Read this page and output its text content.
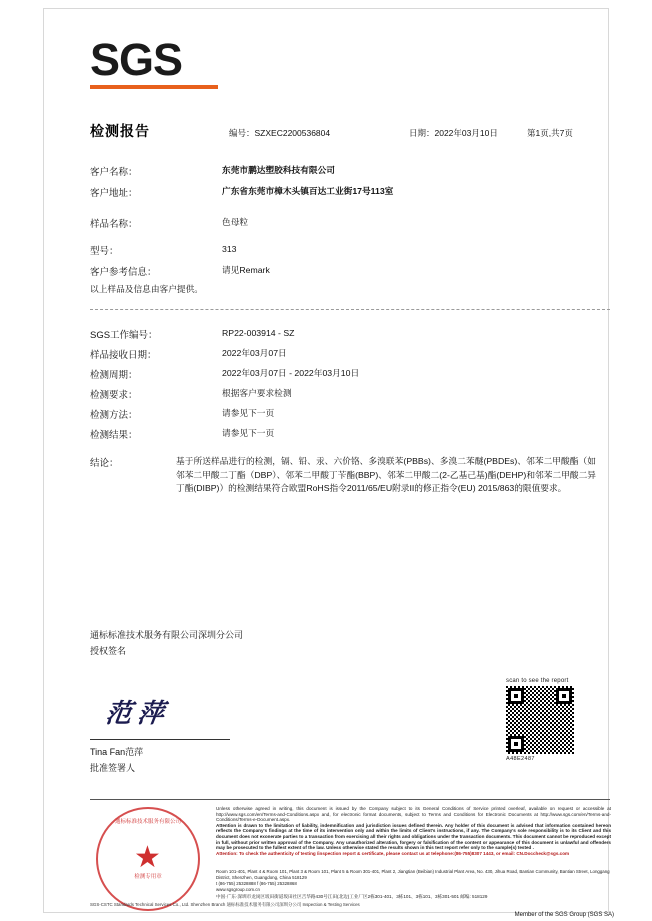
SGS
检测报告	编号：SZXEC2200536804	日期：2022年03月10日	第1页,共7页
客户名称：	东莞市鹏达塑胶科技有限公司
客户地址：	广东省东莞市樟木头镇百达工业街17号113室
样品名称：	色母粒
型号：	313
客户参考信息：	请见Remark
以上样品及信息由客户提供。
SGS工作编号：	RP22-003914 - SZ
样品接收日期：	2022年03月07日
检测周期：	2022年03月07日 - 2022年03月10日
检测要求：	根据客户要求检测
检测方法：	请参见下一页
检测结果：	请参见下一页
结论：	基于所送样品进行的检测，镉、铅、汞、六价铬、多溴联苯(PBBs)、多溴二苯醚(PBDEs)、邻苯二甲酸酯（如邻苯二甲酸二丁酯（DBP）、邻苯二甲酸丁苄酯(BBP)、邻苯二甲酸二(2-乙基己基)酯(DEHP)和邻苯二甲酸二异丁酯(DIBP)）的检测结果符合欧盟RoHS指令2011/65/EU附录II的修正指令(EU) 2015/863的限值要求。
通标标准技术服务有限公司深圳分公司
授权签名
范萍
Tina Fan范萍
批准签署人
scan to see the report
A48E2487
通标标准技术服务有限公司
检测专用章
Unless otherwise agreed in writing, this document is issued by the Company subject to its General Conditions of Service printed overleaf, available on request or accessible at http://www.sgs.com/en/Terms-and-Conditions.aspx and, for electronic format documents, subject to Terms and Conditions for Electronic Documents at http://www.sgs.com/en/Terms-and-Conditions/Terms-e-Document.aspx.
Attention is drawn to the limitation of liability, indemnification and jurisdiction issues defined therein. Any holder of this document is advised that information contained hereon reflects the Company's findings at the time of its intervention only and within the limits of Client's instructions, if any. The Company's sole responsibility is to its Client and this document does not exonerate parties to a transaction from exercising all their rights and obligations under the transaction documents. This document cannot be reproduced except in full, without prior written approval of the Company. Any unauthorized alteration, forgery or falsification of the content or appearance of this document is unlawful and offenders may be prosecuted to the fullest extent of the law. Unless otherwise stated the results shown in this test report refer only to the sample(s) tested .
Attention: To check the authenticity of testing /inspection report & certificate, please contact us at telephone:(86-755)8307 1443, or email: CN.Doccheck@sgs.com
Room 101-401, Plant 4 & Room 101, Plant 3 & Room 101, Plant 5 & Room 301-401, Plant 2, Jiangtian (Beibian) Industrial Plant Area, No. 430, Jihua Road, Bantian Community, Bantian Street, Longgang District, Shenzhen, Guangdong, China 518129
t (86-755) 25328888 f (86-755) 25328868
www.sgsgroup.com.cn
中国·广东·深圳市龙岗区坂田街道坂田社区吉华路430号江田(北边)工业厂区2栋301-401、3栋101、3栋101、3栋301-501 邮编: 518129
SGS-CSTC Standards Technical Services Co., Ltd. Shenzhen Branch 通标标准技术服务有限公司深圳分公司 Inspection & Testing Services
Member of the SGS Group (SGS SA)
